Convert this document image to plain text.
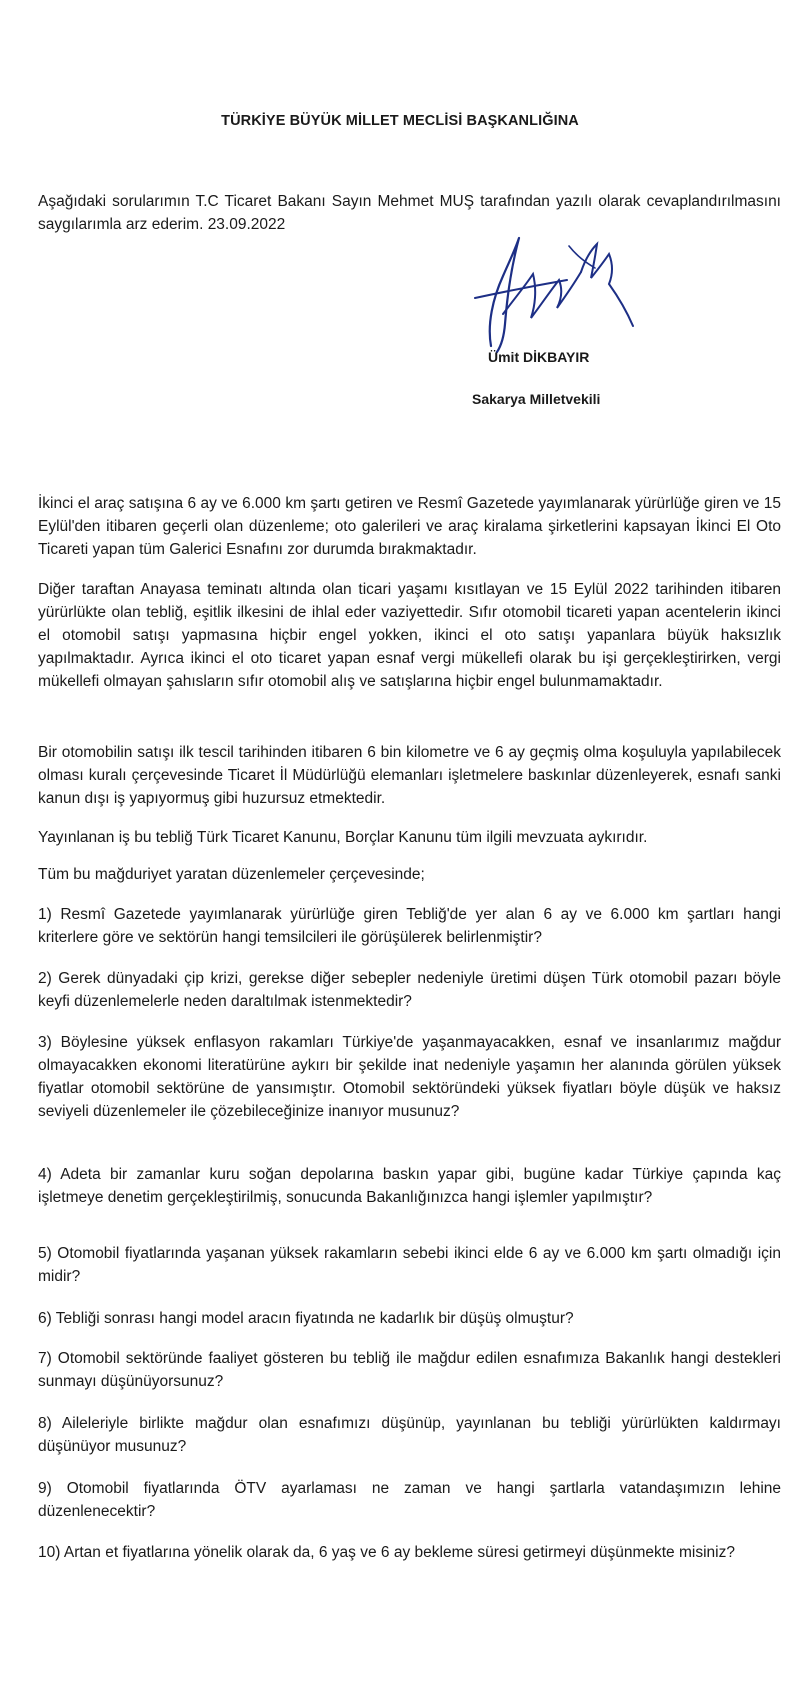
TÜRKİYE BÜYÜK MİLLET MECLİSİ BAŞKANLIĞINA

Aşağıdaki sorularımın T.C Ticaret Bakanı Sayın Mehmet MUŞ tarafından yazılı olarak cevaplandırılmasını saygılarımla arz ederim. 23.09.2022

Ümit DİKBAYIR
Sakarya Milletvekili

İkinci el araç satışına 6 ay ve 6.000 km şartı getiren ve Resmî Gazetede yayımlanarak yürürlüğe giren ve 15 Eylül'den itibaren geçerli olan düzenleme; oto galerileri ve araç kiralama şirketlerini kapsayan İkinci El Oto Ticareti yapan tüm Galerici Esnafını zor durumda bırakmaktadır.

Diğer taraftan Anayasa teminatı altında olan ticari yaşamı kısıtlayan ve 15 Eylül 2022 tarihinden itibaren yürürlükte olan tebliğ, eşitlik ilkesini de ihlal eder vaziyettedir. Sıfır otomobil ticareti yapan acentelerin ikinci el otomobil satışı yapmasına hiçbir engel yokken, ikinci el oto satışı yapanlara büyük haksızlık yapılmaktadır. Ayrıca ikinci el oto ticaret yapan esnaf vergi mükellefi olarak bu işi gerçekleştirirken, vergi mükellefi olmayan şahısların sıfır otomobil alış ve satışlarına hiçbir engel bulunmamaktadır.

Bir otomobilin satışı ilk tescil tarihinden itibaren 6 bin kilometre ve 6 ay geçmiş olma koşuluyla yapılabilecek olması kuralı çerçevesinde Ticaret İl Müdürlüğü elemanları işletmelere baskınlar düzenleyerek, esnafı sanki kanun dışı iş yapıyormuş gibi huzursuz etmektedir.

Yayınlanan iş bu tebliğ Türk Ticaret Kanunu, Borçlar Kanunu tüm ilgili mevzuata aykırıdır.

Tüm bu mağduriyet yaratan düzenlemeler çerçevesinde;

1) Resmî Gazetede yayımlanarak yürürlüğe giren Tebliğ'de yer alan 6 ay ve 6.000 km şartları hangi kriterlere göre ve sektörün hangi temsilcileri ile görüşülerek belirlenmiştir?

2) Gerek dünyadaki çip krizi, gerekse diğer sebepler nedeniyle üretimi düşen Türk otomobil pazarı böyle keyfi düzenlemelerle neden daraltılmak istenmektedir?

3) Böylesine yüksek enflasyon rakamları Türkiye'de yaşanmayacakken, esnaf ve insanlarımız mağdur olmayacakken ekonomi literatürüne aykırı bir şekilde inat nedeniyle yaşamın her alanında görülen yüksek fiyatlar otomobil sektörüne de yansımıştır. Otomobil sektöründeki yüksek fiyatları böyle düşük ve haksız seviyeli düzenlemeler ile çözebileceğinize inanıyor musunuz?

4) Adeta bir zamanlar kuru soğan depolarına baskın yapar gibi, bugüne kadar Türkiye çapında kaç işletmeye denetim gerçekleştirilmiş, sonucunda Bakanlığınızca hangi işlemler yapılmıştır?

5) Otomobil fiyatlarında yaşanan yüksek rakamların sebebi ikinci elde 6 ay ve 6.000 km şartı olmadığı için midir?

6) Tebliği sonrası hangi model aracın fiyatında ne kadarlık bir düşüş olmuştur?

7) Otomobil sektöründe faaliyet gösteren bu tebliğ ile mağdur edilen esnafımıza Bakanlık hangi destekleri sunmayı düşünüyorsunuz?

8) Aileleriyle birlikte mağdur olan esnafımızı düşünüp, yayınlanan bu tebliği yürürlükten kaldırmayı düşünüyor musunuz?

9) Otomobil fiyatlarında ÖTV ayarlaması ne zaman ve hangi şartlarla vatandaşımızın lehine düzenlenecektir?

10) Artan et fiyatlarına yönelik olarak da, 6 yaş ve 6 ay bekleme süresi getirmeyi düşünmekte misiniz?
